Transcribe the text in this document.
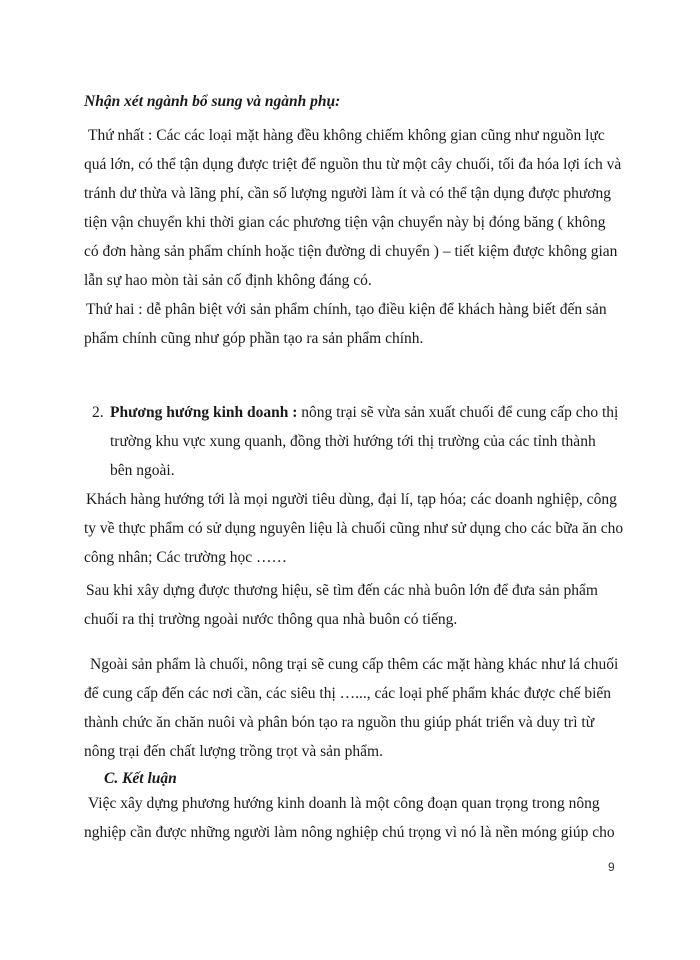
Nhận xét ngành bổ sung và ngành phụ:

Thứ nhất : Các các loại mặt hàng đều không chiếm không gian cũng như nguồn lực quá lớn, có thể tận dụng được triệt để nguồn thu từ một cây chuối, tối đa hóa lợi ích và tránh dư thừa và lãng phí, cần số lượng người làm ít và có thể tận dụng được phương tiện vận chuyển khi thời gian các phương tiện vận chuyển này bị đóng băng ( không có đơn hàng sản phẩm chính hoặc tiện đường di chuyển ) – tiết kiệm được không gian lẫn sự hao mòn tài sản cố định không đáng có.

Thứ hai : dễ phân biệt với sản phẩm chính, tạo điều kiện để khách hàng biết đến sản phẩm chính cũng như góp phần tạo ra sản phẩm chính.

2. Phương hướng kinh doanh : nông trại sẽ vừa sản xuất chuối để cung cấp cho thị trường khu vực xung quanh, đồng thời hướng tới thị trường của các tỉnh thành bên ngoài.

Khách hàng hướng tới là mọi người tiêu dùng, đại lí, tạp hóa; các doanh nghiệp, công ty về thực phẩm có sử dụng nguyên liệu là chuối cũng như sử dụng cho các bữa ăn cho công nhân; Các trường học ……

Sau khi xây dựng được thương hiệu, sẽ tìm đến các nhà buôn lớn để đưa sản phẩm chuối ra thị trường ngoài nước thông qua nhà buôn có tiếng.

Ngoài sản phẩm là chuối, nông trại sẽ cung cấp thêm các mặt hàng khác như lá chuối để cung cấp đến các nơi cần, các siêu thị …..., các loại phế phẩm khác được chế biến thành chức ăn chăn nuôi và phân bón tạo ra nguồn thu giúp phát triển và duy trì từ nông trại đến chất lượng trồng trọt và sản phẩm.

C. Kết luận

Việc xây dựng phương hướng kinh doanh là một công đoạn quan trọng trong nông nghiệp cần được những người làm nông nghiệp chú trọng vì nó là nền móng giúp cho

9
